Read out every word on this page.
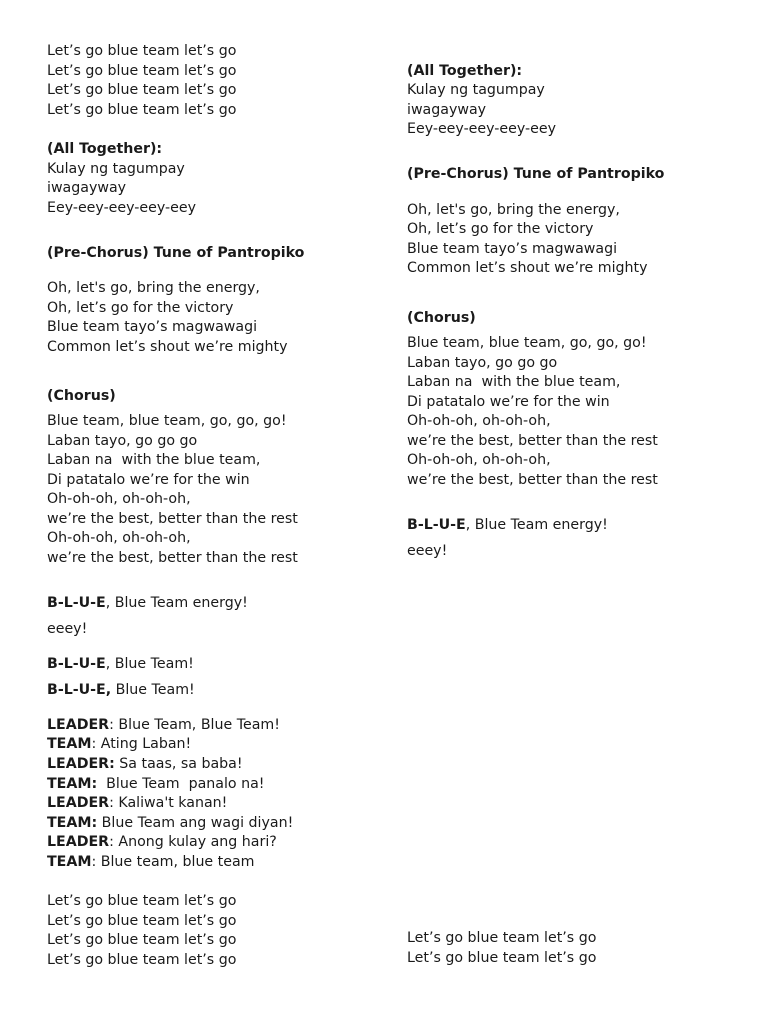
Let’s go blue team let’s go
Let’s go blue team let’s go
Let’s go blue team let’s go
Let’s go blue team let’s go
(All Together):
Kulay ng tagumpay
iwagayway
Eey-eey-eey-eey-eey
(Pre-Chorus) Tune of Pantropiko
Oh, let's go, bring the energy,
Oh, let’s go for the victory
Blue team tayo’s magwawagi
Common let’s shout we’re mighty
(Chorus)
Blue team, blue team, go, go, go!
Laban tayo, go go go
Laban na  with the blue team,
Di patatalo we’re for the win
Oh-oh-oh, oh-oh-oh,
we’re the best, better than the rest
Oh-oh-oh, oh-oh-oh,
we’re the best, better than the rest
B-L-U-E, Blue Team energy!
eeey!
B-L-U-E, Blue Team!
B-L-U-E, Blue Team!
LEADER: Blue Team, Blue Team!
TEAM: Ating Laban!
LEADER: Sa taas, sa baba!
TEAM:  Blue Team  panalo na!
LEADER: Kaliwa't kanan!
TEAM: Blue Team ang wagi diyan!
LEADER: Anong kulay ang hari?
TEAM: Blue team, blue team
Let’s go blue team let’s go
Let’s go blue team let’s go
Let’s go blue team let’s go
Let’s go blue team let’s go
(All Together):
Kulay ng tagumpay
iwagayway
Eey-eey-eey-eey-eey
(Pre-Chorus) Tune of Pantropiko
Oh, let's go, bring the energy,
Oh, let’s go for the victory
Blue team tayo’s magwawagi
Common let’s shout we’re mighty
(Chorus)
Blue team, blue team, go, go, go!
Laban tayo, go go go
Laban na  with the blue team,
Di patatalo we’re for the win
Oh-oh-oh, oh-oh-oh,
we’re the best, better than the rest
Oh-oh-oh, oh-oh-oh,
we’re the best, better than the rest
B-L-U-E, Blue Team energy!
eeey!
Let’s go blue team let’s go
Let’s go blue team let’s go
